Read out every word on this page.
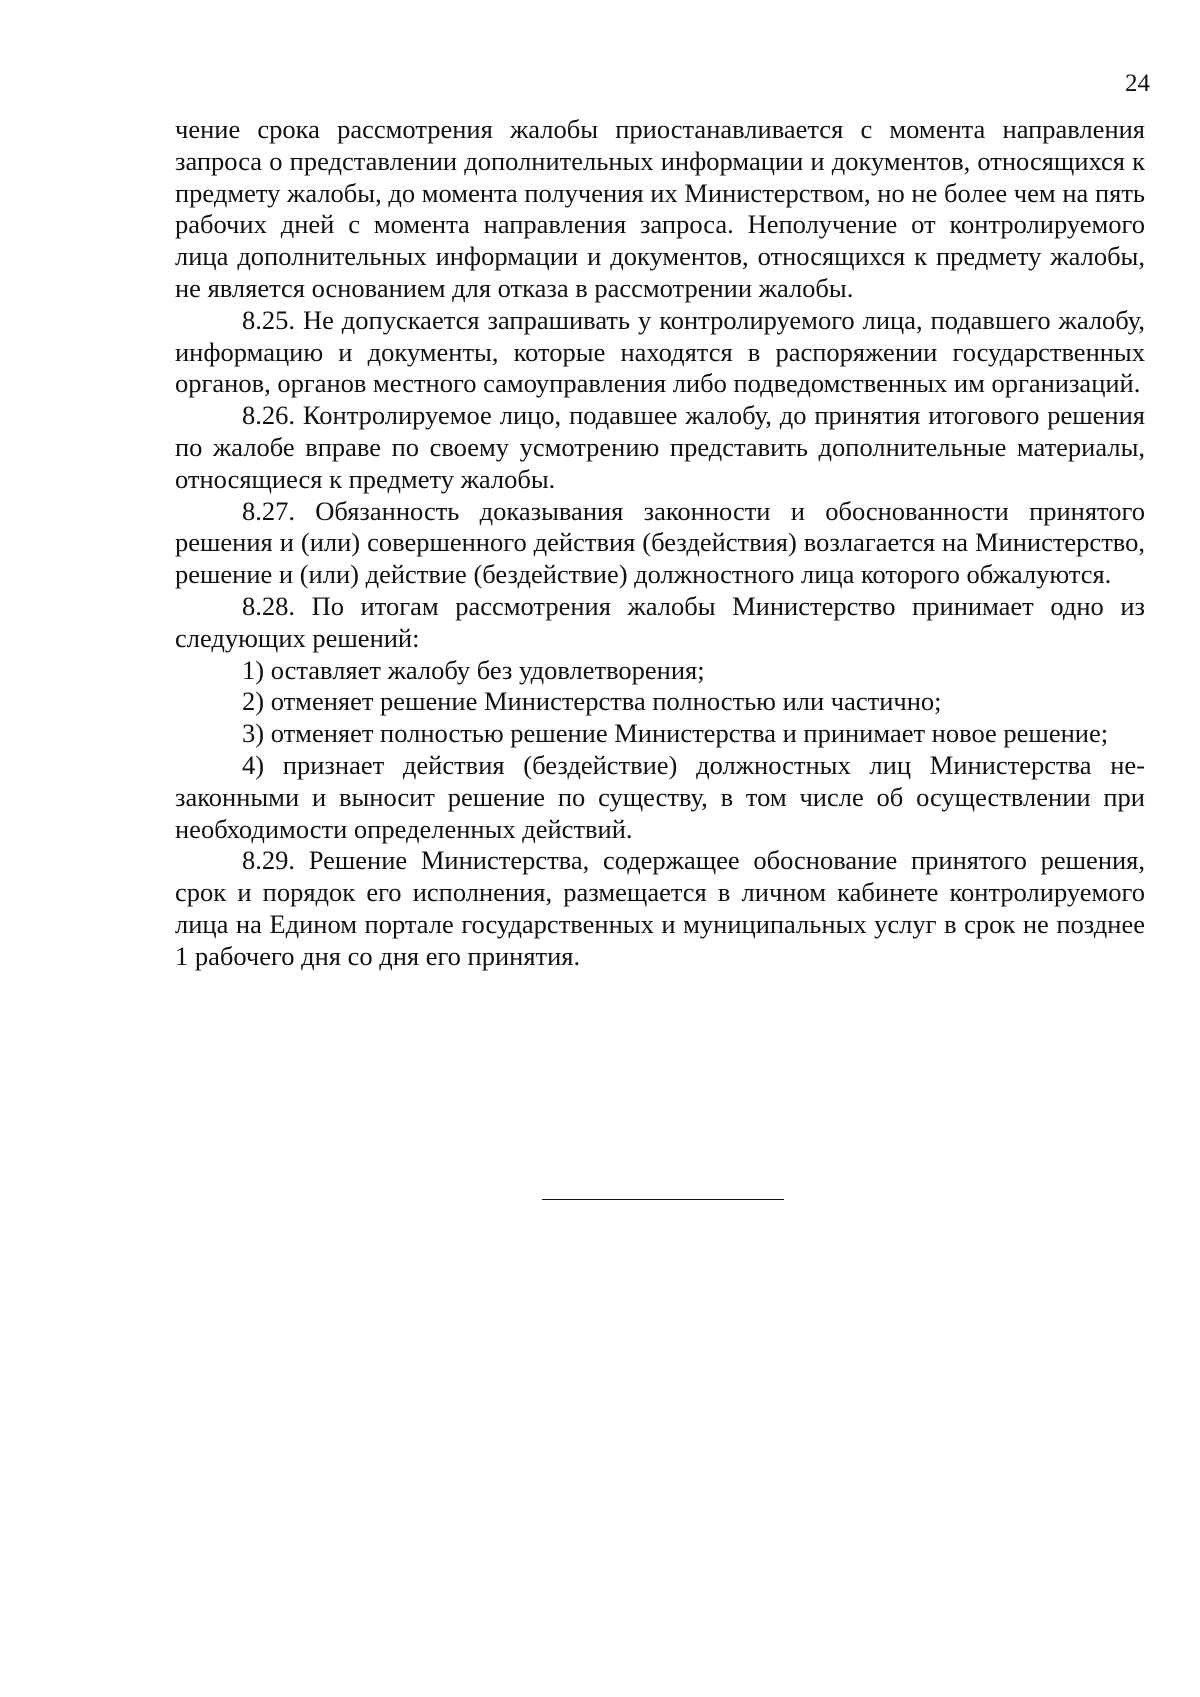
24

чение срока рассмотрения жалобы приостанавливается с момента направления запроса о представлении дополнительных информации и документов, относящихся к предмету жалобы, до момента получения их Министерством, но не более чем на пять рабочих дней с момента направления запроса. Неполучение от контролируемого лица дополнительных информации и документов, относящихся к предмету жалобы, не является основанием для отказа в рассмотрении жалобы.

8.25. Не допускается запрашивать у контролируемого лица, подавшего жалобу, информацию и документы, которые находятся в распоряжении государственных органов, органов местного самоуправления либо подведомственных им организаций.

8.26. Контролируемое лицо, подавшее жалобу, до принятия итогового решения по жалобе вправе по своему усмотрению представить дополнительные материалы, относящиеся к предмету жалобы.

8.27. Обязанность доказывания законности и обоснованности принятого решения и (или) совершенного действия (бездействия) возлагается на Министерство, решение и (или) действие (бездействие) должностного лица которого обжалуются.

8.28. По итогам рассмотрения жалобы Министерство принимает одно из следующих решений:

1) оставляет жалобу без удовлетворения;

2) отменяет решение Министерства полностью или частично;

3) отменяет полностью решение Министерства и принимает новое решение;

4) признает действия (бездействие) должностных лиц Министерства незаконными и выносит решение по существу, в том числе об осуществлении при необходимости определенных действий.

8.29. Решение Министерства, содержащее обоснование принятого решения, срок и порядок его исполнения, размещается в личном кабинете контролируемого лица на Едином портале государственных и муниципальных услуг в срок не позднее 1 рабочего дня со дня его принятия.
